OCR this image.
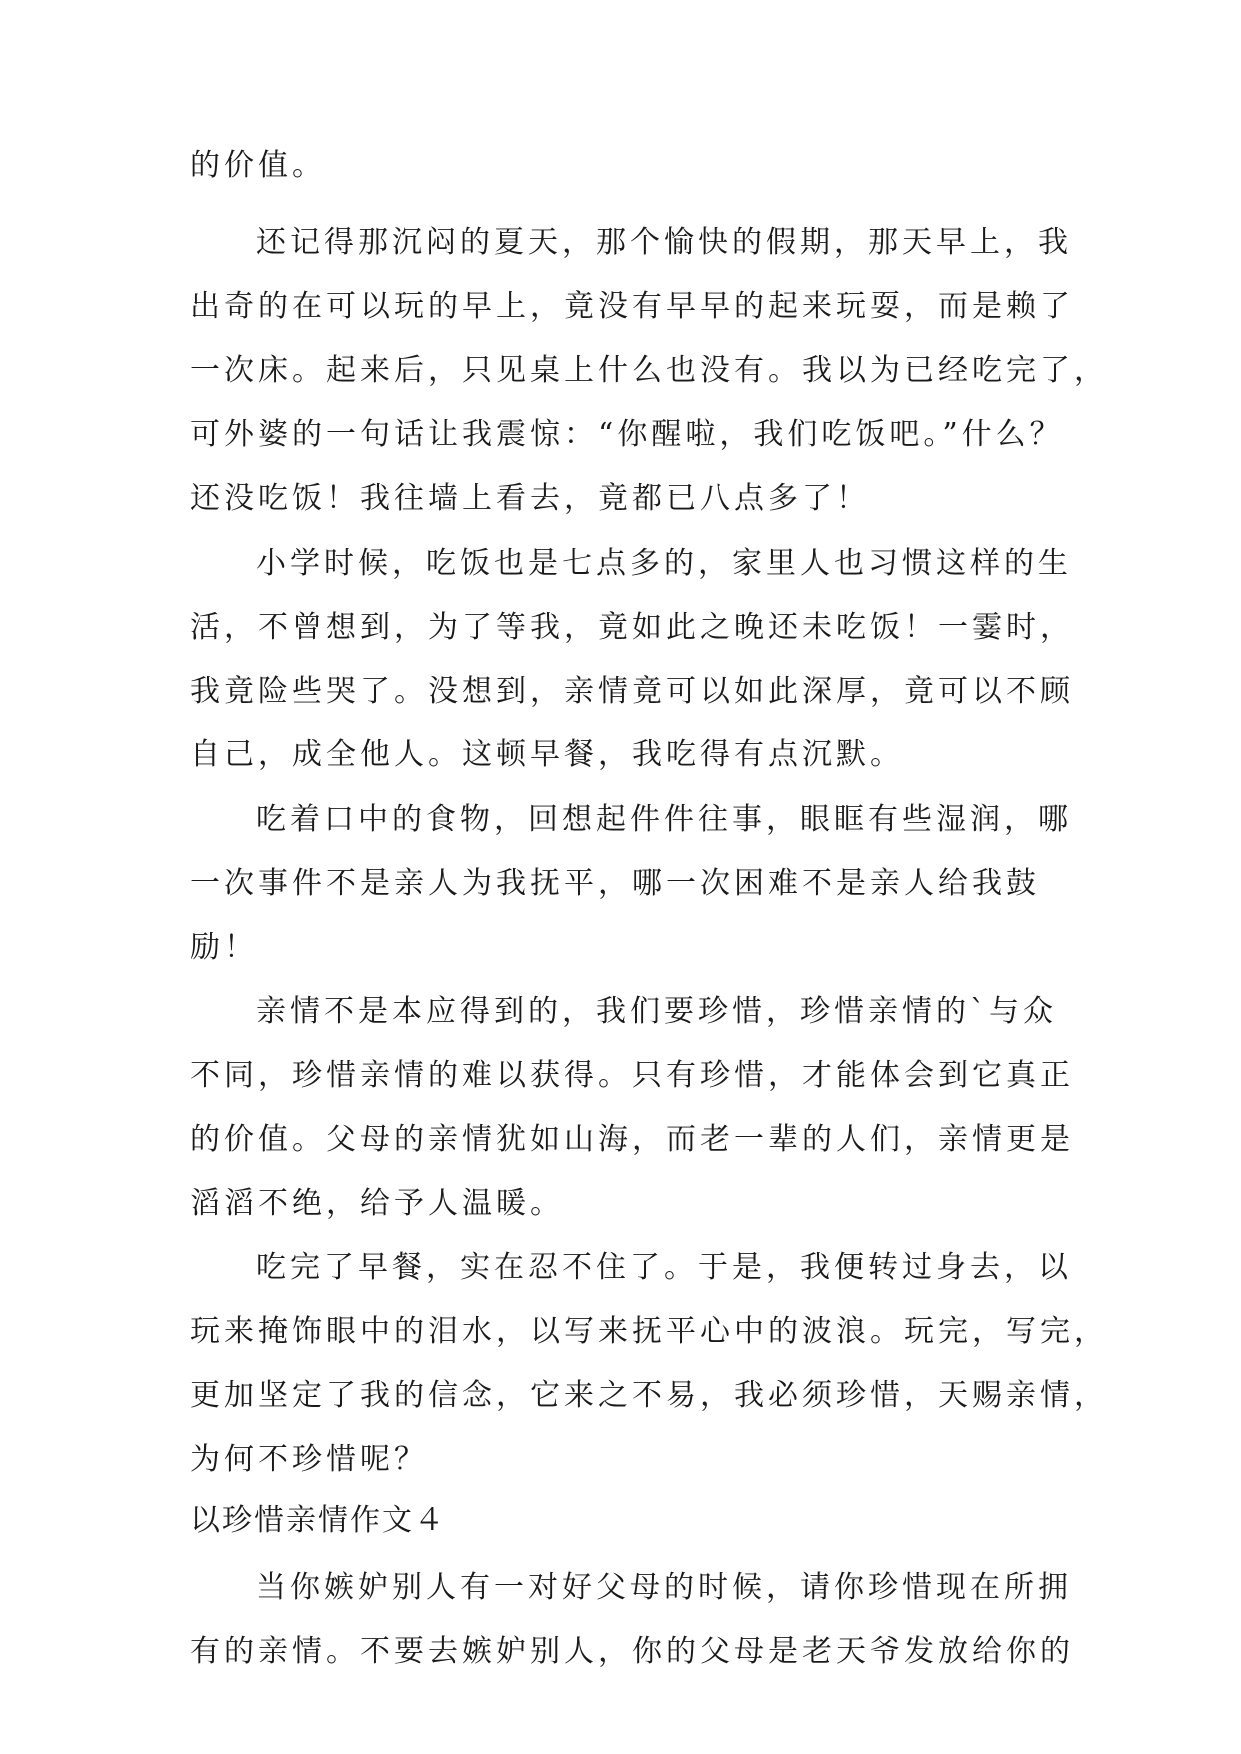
的价值。
还记得那沉闷的夏天，那个愉快的假期，那天早上，我
出奇的在可以玩的早上，竟没有早早的起来玩耍，而是赖了
一次床。起来后，只见桌上什么也没有。我以为已经吃完了，
可外婆的一句话让我震惊：“你醒啦，我们吃饭吧。”什么？
还没吃饭！我往墙上看去，竟都已八点多了！
小学时候，吃饭也是七点多的，家里人也习惯这样的生
活，不曾想到，为了等我，竟如此之晚还未吃饭！一霎时，
我竟险些哭了。没想到，亲情竟可以如此深厚，竟可以不顾
自己，成全他人。这顿早餐，我吃得有点沉默。
吃着口中的食物，回想起件件往事，眼眶有些湿润，哪
一次事件不是亲人为我抚平，哪一次困难不是亲人给我鼓
励！
亲情不是本应得到的，我们要珍惜，珍惜亲情的`与众
不同，珍惜亲情的难以获得。只有珍惜，才能体会到它真正
的价值。父母的亲情犹如山海，而老一辈的人们，亲情更是
滔滔不绝，给予人温暖。
吃完了早餐，实在忍不住了。于是，我便转过身去，以
玩来掩饰眼中的泪水，以写来抚平心中的波浪。玩完，写完，
更加坚定了我的信念，它来之不易，我必须珍惜，天赐亲情，
为何不珍惜呢？
以珍惜亲情作文４
当你嫉妒别人有一对好父母的时候，请你珍惜现在所拥
有的亲情。不要去嫉妒别人，你的父母是老天爷发放给你的
